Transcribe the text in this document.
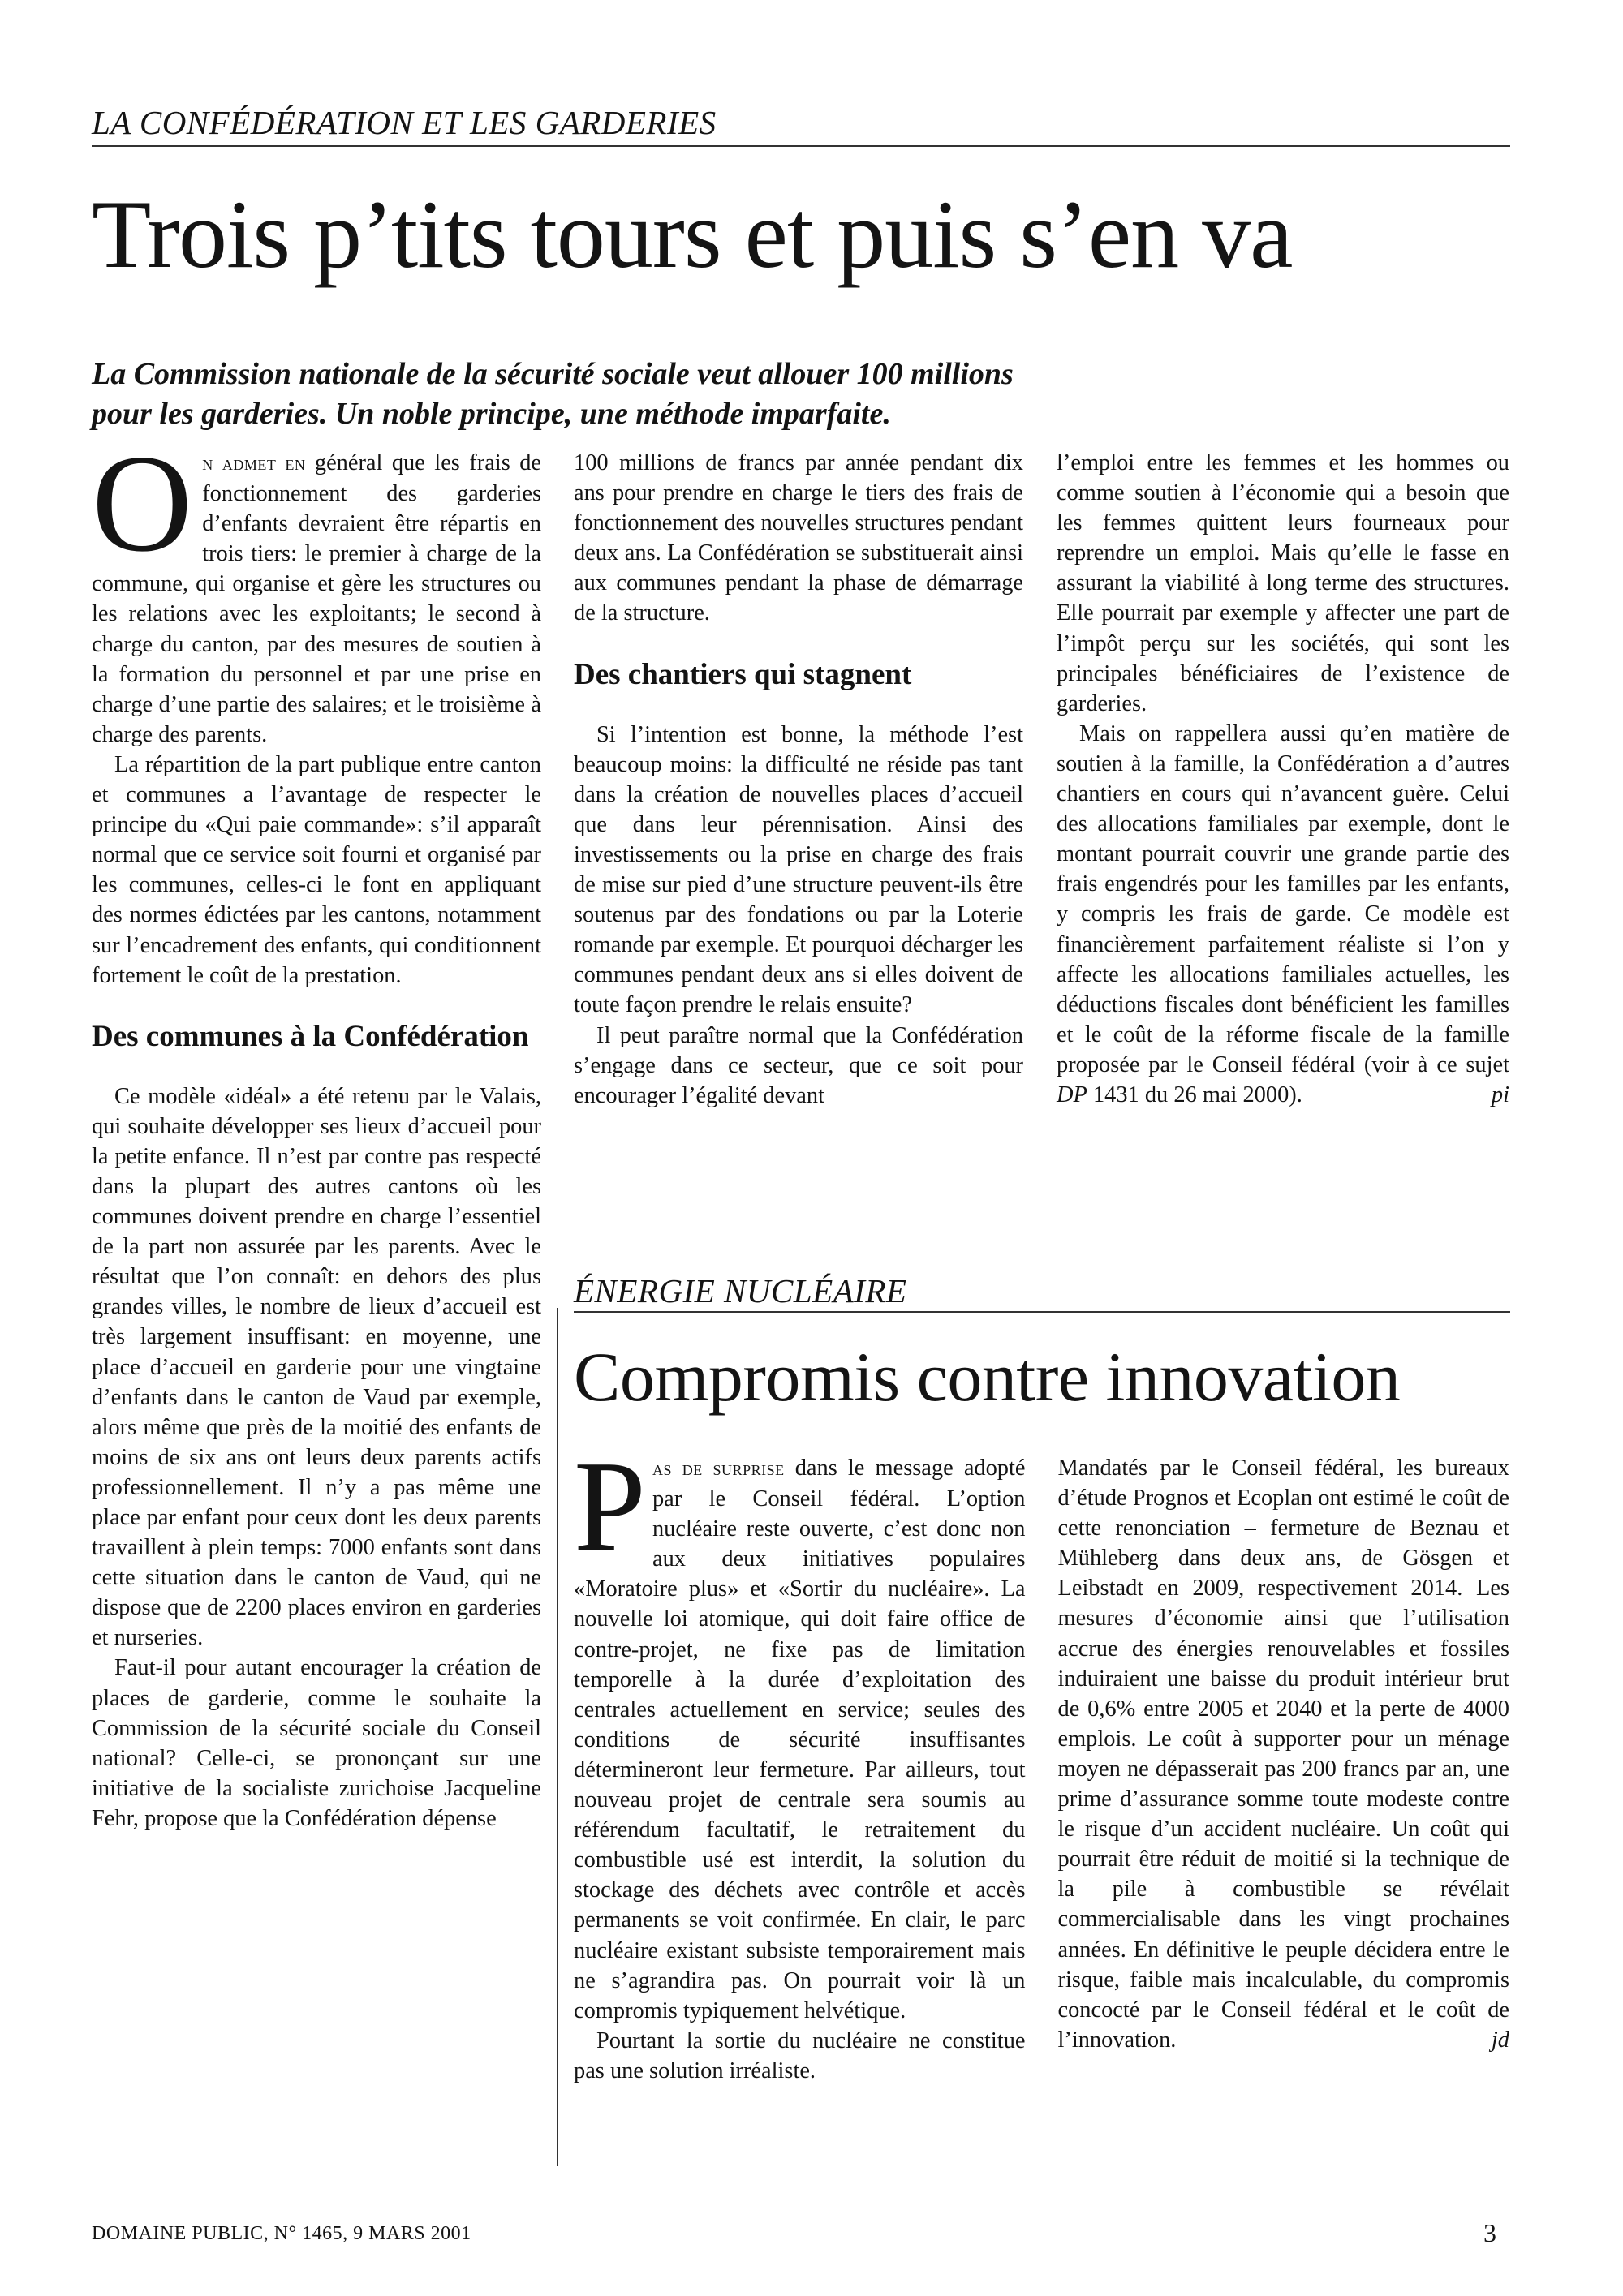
LA CONFÉDÉRATION ET LES GARDERIES
Trois p’tits tours et puis s’en va
La Commission nationale de la sécurité sociale veut allouer 100 millions
pour les garderies. Un noble principe, une méthode imparfaite.

On admet en général que les frais de fonctionnement des garderies d’enfants devraient être répartis en trois tiers: le premier à charge de la commune, qui organise et gère les structures ou les relations avec les exploitants; le second à charge du canton, par des mesures de soutien à la formation du personnel et par une prise en charge d’une partie des salaires; et le troisième à charge des parents.

La répartition de la part publique entre canton et communes a l’avantage de respecter le principe du «Qui paie commande»: s’il apparaît normal que ce service soit fourni et organisé par les communes, celles-ci le font en appliquant des normes édictées par les cantons, notamment sur l’encadrement des enfants, qui conditionnent fortement le coût de la prestation.

Des communes à la Confédération

Ce modèle «idéal» a été retenu par le Valais, qui souhaite développer ses lieux d’accueil pour la petite enfance. Il n’est par contre pas respecté dans la plupart des autres cantons où les communes doivent prendre en charge l’essentiel de la part non assurée par les parents. Avec le résultat que l’on connaît: en dehors des plus grandes villes, le nombre de lieux d’accueil est très largement insuffisant: en moyenne, une place d’accueil en garderie pour une vingtaine d’enfants dans le canton de Vaud par exemple, alors même que près de la moitié des enfants de moins de six ans ont leurs deux parents actifs professionnellement. Il n’y a pas même une place par enfant pour ceux dont les deux parents travaillent à plein temps: 7000 enfants sont dans cette situation dans le canton de Vaud, qui ne dispose que de 2200 places environ en garderies et nurseries.

Faut-il pour autant encourager la création de places de garderie, comme le souhaite la Commission de la sécurité sociale du Conseil national? Celle-ci, se prononçant sur une initiative de la socialiste zurichoise Jacqueline Fehr, propose que la Confédération dépense

100 millions de francs par année pendant dix ans pour prendre en charge le tiers des frais de fonctionnement des nouvelles structures pendant deux ans. La Confédération se substituerait ainsi aux communes pendant la phase de démarrage de la structure.

Des chantiers qui stagnent

Si l’intention est bonne, la méthode l’est beaucoup moins: la difficulté ne réside pas tant dans la création de nouvelles places d’accueil que dans leur pérennisation. Ainsi des investissements ou la prise en charge des frais de mise sur pied d’une structure peuvent-ils être soutenus par des fondations ou par la Loterie romande par exemple. Et pourquoi décharger les communes pendant deux ans si elles doivent de toute façon prendre le relais ensuite?

Il peut paraître normal que la Confédération s’engage dans ce secteur, que ce soit pour encourager l’égalité devant

l’emploi entre les femmes et les hommes ou comme soutien à l’économie qui a besoin que les femmes quittent leurs fourneaux pour reprendre un emploi. Mais qu’elle le fasse en assurant la viabilité à long terme des structures. Elle pourrait par exemple y affecter une part de l’impôt perçu sur les sociétés, qui sont les principales bénéficiaires de l’existence de garderies.

Mais on rappellera aussi qu’en matière de soutien à la famille, la Confédération a d’autres chantiers en cours qui n’avancent guère. Celui des allocations familiales par exemple, dont le montant pourrait couvrir une grande partie des frais engendrés pour les familles par les enfants, y compris les frais de garde. Ce modèle est financièrement parfaitement réaliste si l’on y affecte les allocations familiales actuelles, les déductions fiscales dont bénéficient les familles et le coût de la réforme fiscale de la famille proposée par le Conseil fédéral (voir à ce sujet DP 1431 du 26 mai 2000).	pi

ÉNERGIE NUCLÉAIRE
Compromis contre innovation

Pas de surprise dans le message adopté par le Conseil fédéral. L’option nucléaire reste ouverte, c’est donc non aux deux initiatives populaires «Moratoire plus» et «Sortir du nucléaire». La nouvelle loi atomique, qui doit faire office de contre-projet, ne fixe pas de limitation temporelle à la durée d’exploitation des centrales actuellement en service; seules des conditions de sécurité insuffisantes détermineront leur fermeture. Par ailleurs, tout nouveau projet de centrale sera soumis au référendum facultatif, le retraitement du combustible usé est interdit, la solution du stockage des déchets avec contrôle et accès permanents se voit confirmée. En clair, le parc nucléaire existant subsiste temporairement mais ne s’agrandira pas. On pourrait voir là un compromis typiquement helvétique.

Pourtant la sortie du nucléaire ne constitue pas une solution irréaliste.

Mandatés par le Conseil fédéral, les bureaux d’étude Prognos et Ecoplan ont estimé le coût de cette renonciation – fermeture de Beznau et Mühleberg dans deux ans, de Gösgen et Leibstadt en 2009, respectivement 2014. Les mesures d’économie ainsi que l’utilisation accrue des énergies renouvelables et fossiles induiraient une baisse du produit intérieur brut de 0,6% entre 2005 et 2040 et la perte de 4000 emplois. Le coût à supporter pour un ménage moyen ne dépasserait pas 200 francs par an, une prime d’assurance somme toute modeste contre le risque d’un accident nucléaire. Un coût qui pourrait être réduit de moitié si la technique de la pile à combustible se révélait commercialisable dans les vingt prochaines années. En définitive le peuple décidera entre le risque, faible mais incalculable, du compromis concocté par le Conseil fédéral et le coût de l’innovation.	jd

DOMAINE PUBLIC, N° 1465, 9 MARS 2001	3
